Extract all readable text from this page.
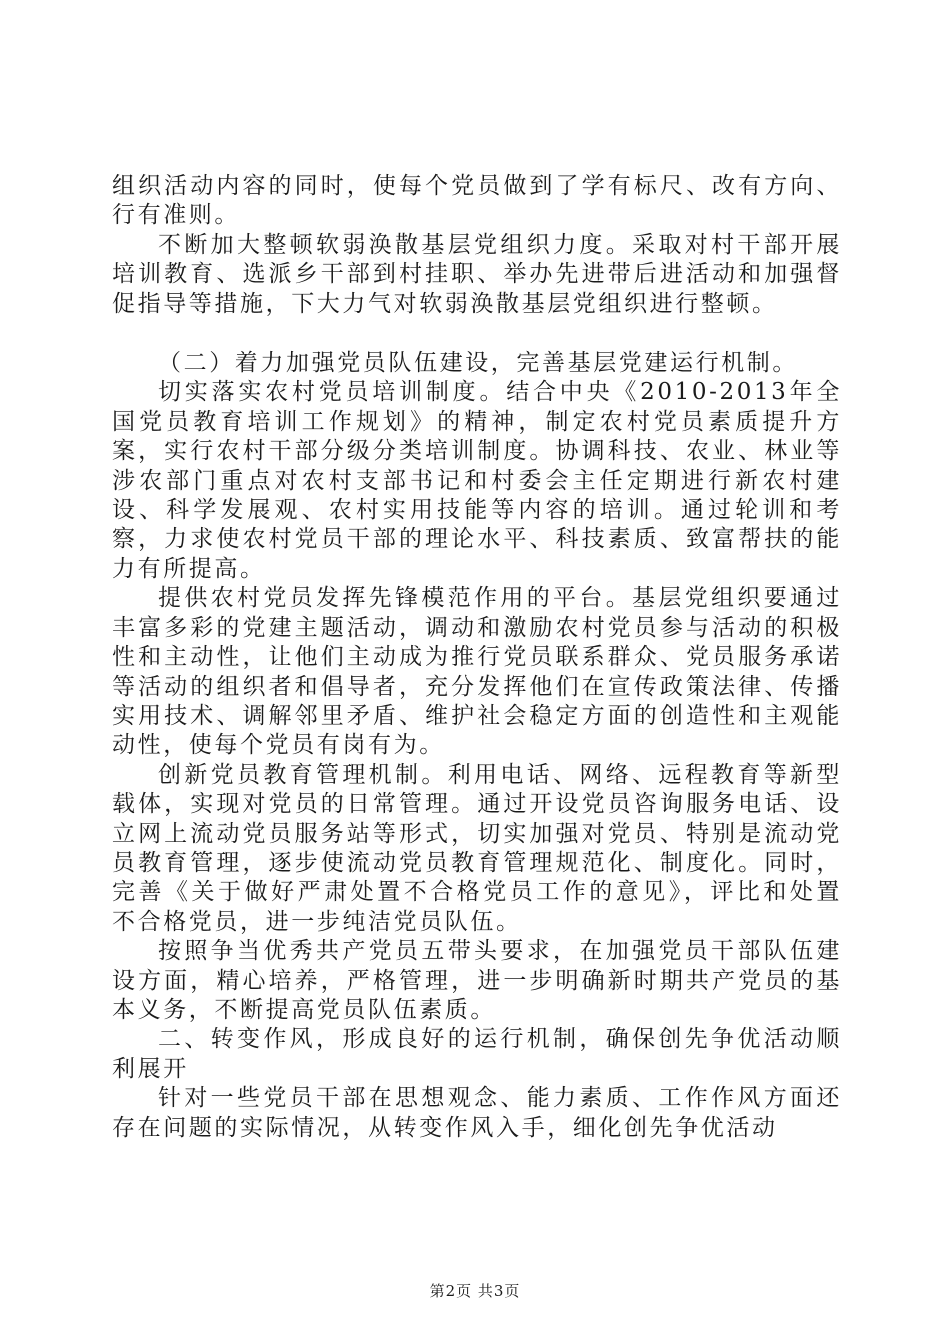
组织活动内容的同时，使每个党员做到了学有标尺、改有方向、行有准则。

不断加大整顿软弱涣散基层党组织力度。采取对村干部开展培训教育、选派乡干部到村挂职、举办先进带后进活动和加强督促指导等措施，下大力气对软弱涣散基层党组织进行整顿。

（二）着力加强党员队伍建设，完善基层党建运行机制。

切实落实农村党员培训制度。结合中央《2010-2013年全国党员教育培训工作规划》的精神，制定农村党员素质提升方案，实行农村干部分级分类培训制度。协调科技、农业、林业等涉农部门重点对农村支部书记和村委会主任定期进行新农村建设、科学发展观、农村实用技能等内容的培训。通过轮训和考察，力求使农村党员干部的理论水平、科技素质、致富帮扶的能力有所提高。

提供农村党员发挥先锋模范作用的平台。基层党组织要通过丰富多彩的党建主题活动，调动和激励农村党员参与活动的积极性和主动性，让他们主动成为推行党员联系群众、党员服务承诺等活动的组织者和倡导者，充分发挥他们在宣传政策法律、传播实用技术、调解邻里矛盾、维护社会稳定方面的创造性和主观能动性，使每个党员有岗有为。

创新党员教育管理机制。利用电话、网络、远程教育等新型载体，实现对党员的日常管理。通过开设党员咨询服务电话、设立网上流动党员服务站等形式，切实加强对党员、特别是流动党员教育管理，逐步使流动党员教育管理规范化、制度化。同时，完善《关于做好严肃处置不合格党员工作的意见》，评比和处置不合格党员，进一步纯洁党员队伍。

按照争当优秀共产党员五带头要求，在加强党员干部队伍建设方面，精心培养，严格管理，进一步明确新时期共产党员的基本义务，不断提高党员队伍素质。

二、转变作风，形成良好的运行机制，确保创先争优活动顺利展开

针对一些党员干部在思想观念、能力素质、工作作风方面还存在问题的实际情况，从转变作风入手，细化创先争优活动

第2页 共3页
